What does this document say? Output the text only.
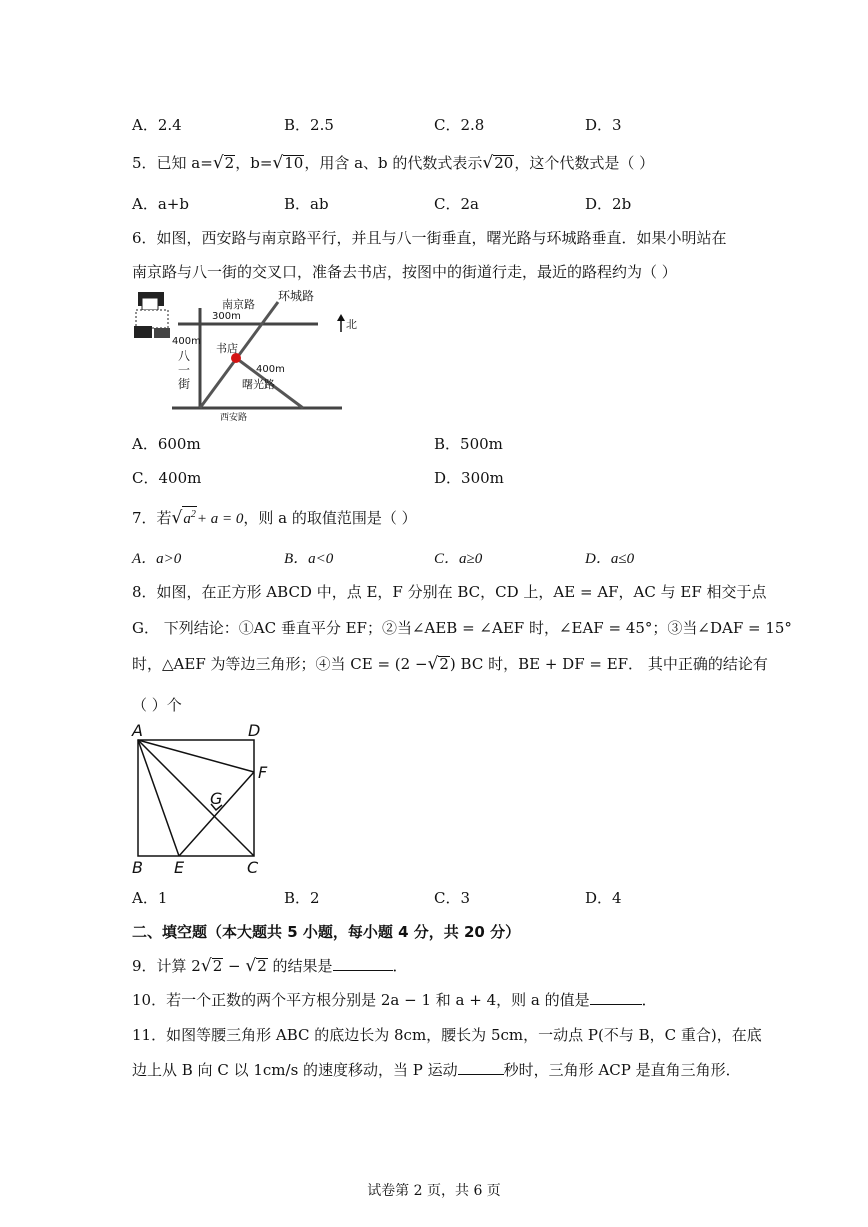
A．2.4	B．2.5	C．2.8	D．3
5．已知 a=√2，b=√10，用含 a、b 的代数式表示√20，这个代数式是（ ）
A．a+b	B．ab	C．2a	D．2b
6．如图，西安路与南京路平行，并且与八一街垂直，曙光路与环城路垂直．如果小明站在
南京路与八一街的交叉口，准备去书店，按图中的街道行走，最近的路程约为（ ）
南京路
环城路
300m
北
400m
八
一
街
书店
400m
曙光路
西安路
A．600m	B．500m
C．400m	D．300m
7．若$√a^2+ a = 0$，则 a 的取值范围是（ ）
A．a>0	B．a<0	C．a≥0	D．a≤0
8．如图，在正方形 ABCD 中，点 E，F 分别在 BC，CD 上，AE = AF，AC 与 EF 相交于点
G． 下列结论：①AC 垂直平分 EF；②当∠AEB = ∠AEF 时，∠EAF = 45°；③当∠DAF = 15°
时，△AEF 为等边三角形；④当 CE = (2 −√2) BC 时，BE + DF = EF． 其中正确的结论有
（ ）个
A	D
F
G
B E	C
A．1	B．2	C．3	D．4
二、填空题（本大题共 5 小题，每小题 4 分，共 20 分）
9．计算 2√2 − √2 的结果是	．
10．若一个正数的两个平方根分别是 2a − 1 和 a + 4，则 a 的值是	．
11．如图等腰三角形 ABC 的底边长为 8cm，腰长为 5cm，一动点 P(不与 B，C 重合)，在底
边上从 B 向 C 以 1cm/s 的速度移动，当 P 运动	秒时，三角形 ACP 是直角三角形．
试卷第 2 页，共 6 页
